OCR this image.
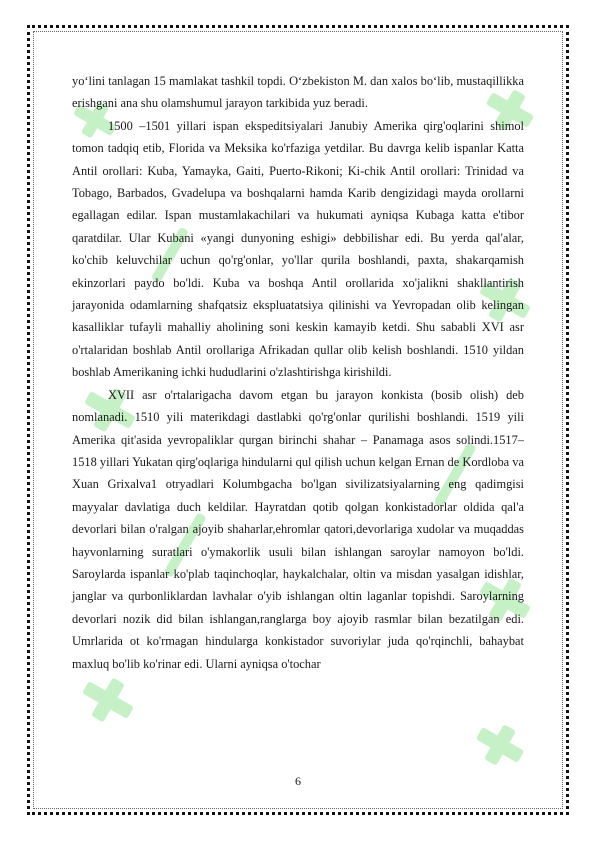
yo‘lini tanlagan 15 mamlakat tashkil topdi. O‘zbekiston M. dan xalos bo‘lib, mustaqillikka erishgani ana shu olamshumul jarayon tarkibida yuz beradi.

1500 –1501 yillari ispan ekspeditsiyalari Janubiy Amerika qirg'oqlarini shimol tomon tadqiq etib, Florida va Meksika ko'rfaziga yetdilar. Bu davrga kelib ispanlar Katta Antil orollari: Kuba, Yamayka, Gaiti, Puerto-Rikoni; Ki-chik Antil orollari: Trinidad va Tobago, Barbados, Gvadelupa va boshqalarni hamda Karib dengizidagi mayda orollarni egallagan edilar. Ispan mustamlakachilari va hukumati ayniqsa Kubaga katta e'tibor qaratdilar. Ular Kubani «yangi dunyoning eshigi» debbilishar edi. Bu yerda qal'alar, ko'chib keluvchilar uchun qo'rg'onlar, yo'llar qurila boshlandi, paxta, shakarqamish ekinzorlari paydo bo'ldi. Kuba va boshqa Antil orollarida xo'jalikni shakllantirish jarayonida odamlarning shafqatsiz ekspluatatsiya qilinishi va Yevropadan olib kelingan kasalliklar tufayli mahalliy aholining soni keskin kamayib ketdi. Shu sababli XVI asr o'rtalaridan boshlab Antil orollariga Afrikadan qullar olib kelish boshlandi. 1510 yildan boshlab Amerikaning ichki hududlarini o'zlashtirishga kirishildi.

XVII asr o'rtalarigacha davom etgan bu jarayon konkista (bosib olish) deb nomlanadi. 1510 yili materikdagi dastlabki qo'rg'onlar qurilishi boshlandi. 1519 yili Amerika qit'asida yevropaliklar qurgan birinchi shahar – Panamaga asos solindi.1517–1518 yillari Yukatan qirg'oqlariga hindularni qul qilish uchun kelgan Ernan de Kordloba va Xuan Grixalva1 otryadlari Kolumbgacha bo'lgan sivilizatsiyalarning eng qadimgisi mayyalar davlatiga duch keldilar. Hayratdan qotib qolgan konkistadorlar oldida qal'a devorlari bilan o'ralgan ajoyib shaharlar,ehromlar qatori,devorlariga xudolar va muqaddas hayvonlarning suratlari o'ymakorlik usuli bilan ishlangan saroylar namoyon bo'ldi. Saroylarda ispanlar ko'plab taqinchoqlar, haykalchalar, oltin va misdan yasalgan idishlar, janglar va qurbonliklardan lavhalar o'yib ishlangan oltin laganlar topishdi. Saroylarning devorlari nozik did bilan ishlangan,ranglarga boy ajoyib rasmlar bilan bezatilgan edi. Umrlarida ot ko'rmagan hindularga konkistador suvoriylar juda qo'rqinchli, bahaybat maxluq bo'lib ko'rinar edi. Ularni ayniqsa o'tochar

6
